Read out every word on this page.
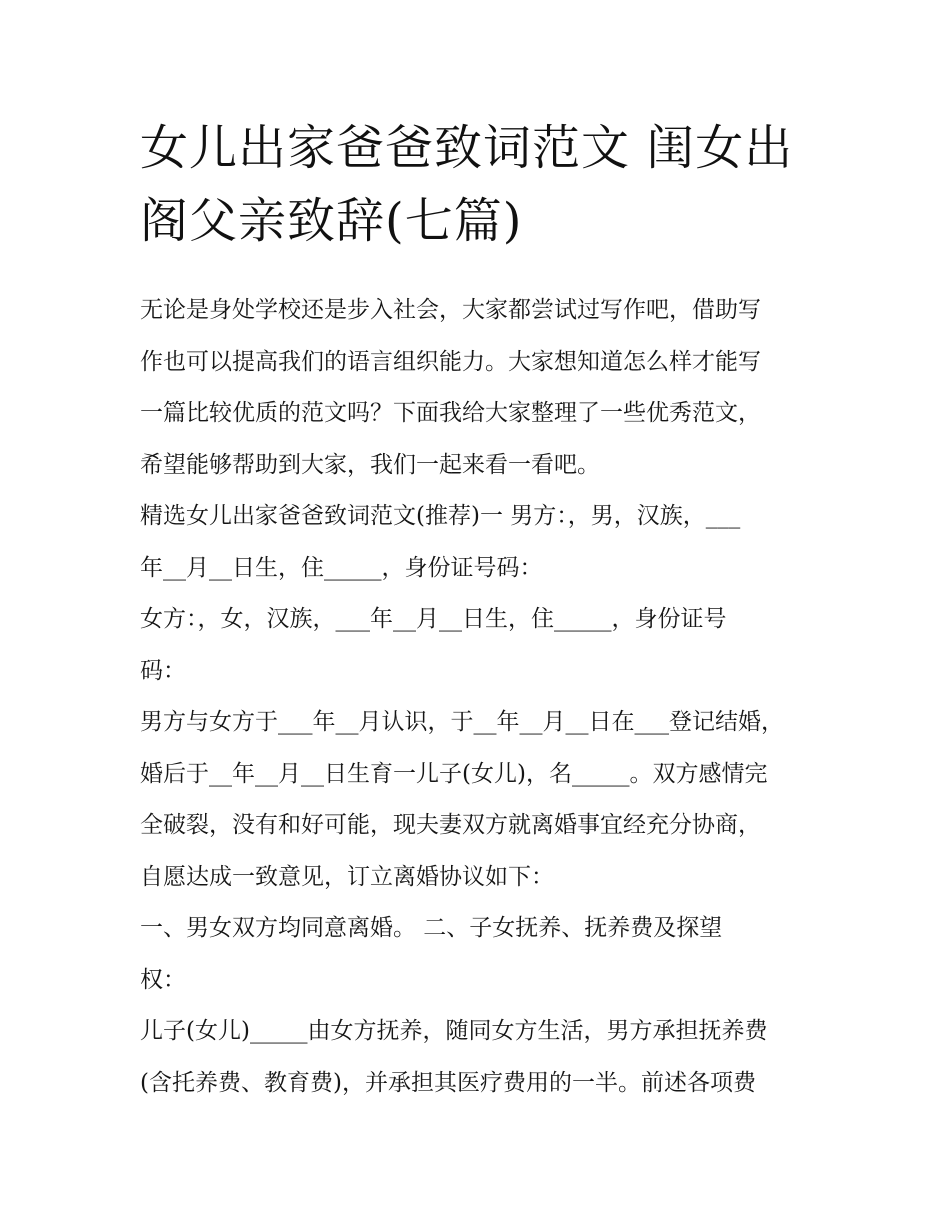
女儿出家爸爸致词范文 闺女出
阁父亲致辞(七篇)
无论是身处学校还是步入社会，大家都尝试过写作吧，借助写
作也可以提高我们的语言组织能力。大家想知道怎么样才能写
一篇比较优质的范文吗？下面我给大家整理了一些优秀范文，
希望能够帮助到大家，我们一起来看一看吧。
精选女儿出家爸爸致词范文(推荐)一 男方：，男，汉族，___
年__月__日生，住_____，身份证号码：
女方：，女，汉族，___年__月__日生，住_____，身份证号
码：
男方与女方于___年__月认识，于__年__月__日在___登记结婚，
婚后于__年__月__日生育一儿子(女儿)，名_____。双方感情完
全破裂，没有和好可能，现夫妻双方就离婚事宜经充分协商，
自愿达成一致意见，订立离婚协议如下：
一、男女双方均同意离婚。 二、子女抚养、抚养费及探望
权：
儿子(女儿)_____由女方抚养，随同女方生活，男方承担抚养费
(含托养费、教育费)，并承担其医疗费用的一半。前述各项费
